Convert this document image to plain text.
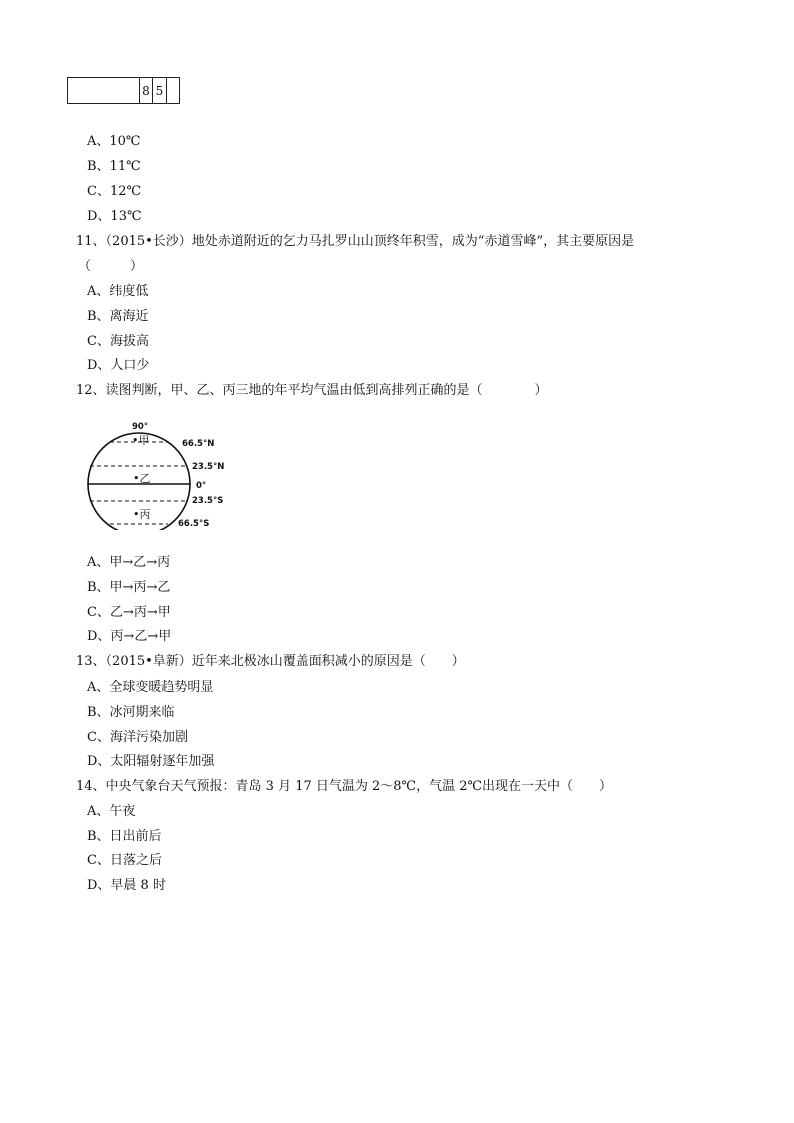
	8	5	
A、10℃
B、11℃
C、12℃
D、13℃
11、（2015•长沙）地处赤道附近的乞力马扎罗山山顶终年积雪，成为“赤道雪峰”，其主要原因是
（　　　）
A、纬度低
B、离海近
C、海拔高
D、人口少
12、读图判断，甲、乙、丙三地的年平均气温由低到高排列正确的是（　　　　）
90°
66.5°N
23.5°N
0°
23.5°S
66.5°S
•甲
•乙
•丙
A、甲→乙→丙
B、甲→丙→乙
C、乙→丙→甲
D、丙→乙→甲
13、（2015•阜新）近年来北极冰山覆盖面积减小的原因是（　　）
A、全球变暖趋势明显
B、冰河期来临
C、海洋污染加剧
D、太阳辐射逐年加强
14、中央气象台天气预报：青岛 3 月 17 日气温为 2～8℃，气温 2℃出现在一天中（　　）
A、午夜
B、日出前后
C、日落之后
D、早晨 8 时
